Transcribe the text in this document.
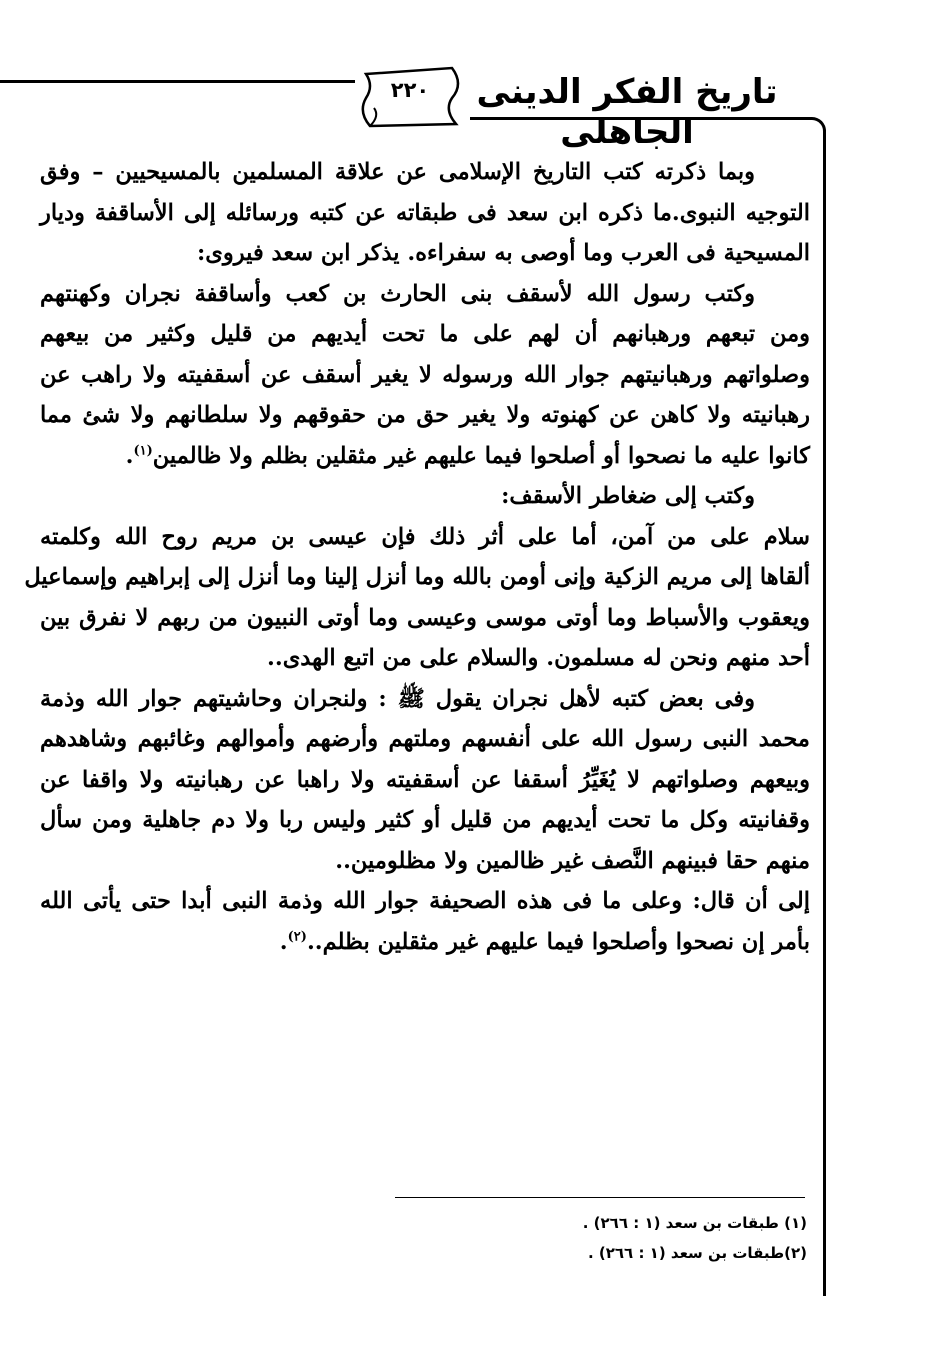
تاريخ الفكر الدينى الجاهلى
٢٢٠
وبما ذكرته كتب التاريخ الإسلامى عن علاقة المسلمين بالمسيحيين – وفق
التوجيه النبوى.ما ذكره ابن سعد فى طبقاته عن كتبه ورسائله إلى الأساقفة وديار
المسيحية فى العرب وما أوصى به سفراءه. يذكر ابن سعد فيروى:
وكتب رسول الله لأسقف بنى الحارث بن كعب وأساقفة نجران وكهنتهم
ومن تبعهم ورهبانهم أن لهم على ما تحت أيديهم من قليل وكثير من بيعهم
وصلواتهم ورهبانيتهم جوار الله ورسوله لا يغير أسقف عن أسقفيته ولا راهب عن
رهبانيته ولا كاهن عن كهنوته ولا يغير حق من حقوقهم ولا سلطانهم ولا شئ مما
كانوا عليه ما نصحوا أو أصلحوا فيما عليهم غير مثقلين بظلم ولا ظالمين$^{(١)}$.
وكتب إلى ضغاطر الأسقف:
سلام على من آمن، أما على أثر ذلك فإن عيسى بن مريم روح الله وكلمته
ألقاها إلى مريم الزكية وإنى أومن بالله وما أنزل إلينا وما أنزل إلى إبراهيم وإسماعيل
ويعقوب والأسباط وما أوتى موسى وعيسى وما أوتى النبيون من ربهم لا نفرق بين
أحد منهم ونحن له مسلمون. والسلام على من اتبع الهدى..
وفى بعض كتبه لأهل نجران يقول ﷺ : ولنجران وحاشيتهم جوار الله وذمة
محمد النبى رسول الله على أنفسهم وملتهم وأرضهم وأموالهم وغائبهم وشاهدهم
وبيعهم وصلواتهم لا يُغَيِّرُ أسقفا عن أسقفيته ولا راهبا عن رهبانيته ولا واقفا عن
وقفانيته وكل ما تحت أيديهم من قليل أو كثير وليس ربا ولا دم جاهلية ومن سأل
منهم حقا فبينهم النَّصف غير ظالمين ولا مظلومين..
إلى أن قال: وعلى ما فى هذه الصحيفة جوار الله وذمة النبى أبدا حتى يأتى الله
بأمر إن نصحوا وأصلحوا فيما عليهم غير مثقلين بظلم..$^{(٢)}$.
(١) طبقات بن سعد (١ : ٢٦٦) .
(٢)طبقات بن سعد (١ : ٢٦٦) .
